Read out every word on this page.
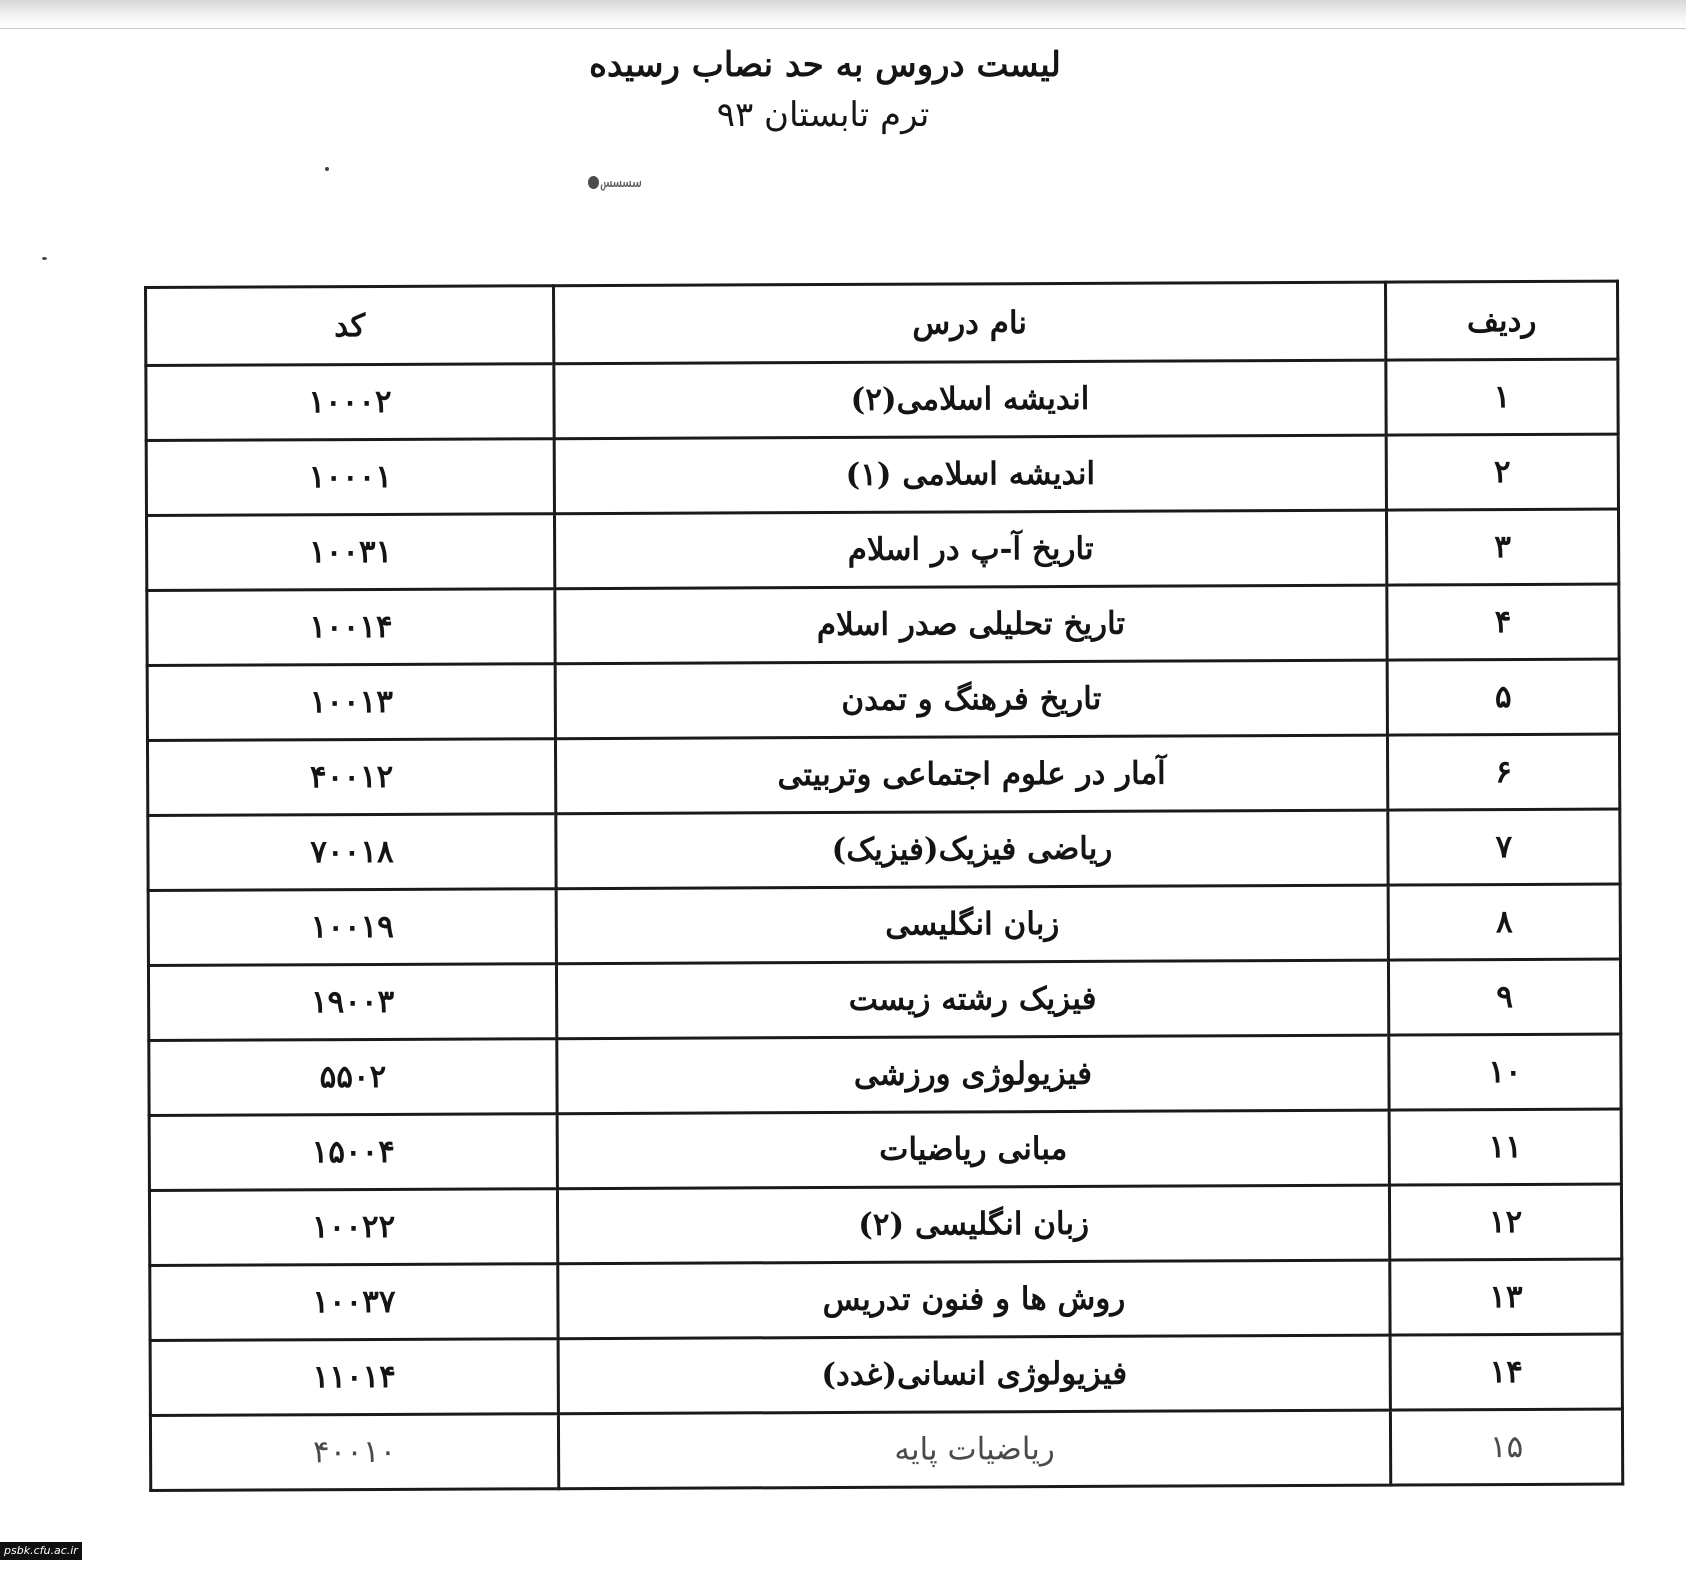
لیست دروس به حد نصاب رسیده
ترم تابستان ۹۳
ﺳﺴﺴﺲ
ردیف	نام درس	کد
۱	اندیشه اسلامی(۲)	۱۰۰۰۲
۲	اندیشه اسلامی (۱)	۱۰۰۰۱
۳	تاریخ آ-پ در اسلام	۱۰۰۳۱
۴	تاریخ تحلیلی صدر اسلام	۱۰۰۱۴
۵	تاریخ فرهنگ و تمدن	۱۰۰۱۳
۶	آمار در علوم اجتماعی وتربیتی	۴۰۰۱۲
۷	ریاضی فیزیک(فیزیک)	۷۰۰۱۸
۸	زبان انگلیسی	۱۰۰۱۹
۹	فیزیک رشته زیست	۱۹۰۰۳
۱۰	فیزیولوژی ورزشی	۵۵۰۲
۱۱	مبانی ریاضیات	۱۵۰۰۴
۱۲	زبان انگلیسی (۲)	۱۰۰۲۲
۱۳	روش ها و فنون تدریس	۱۰۰۳۷
۱۴	فیزیولوژی انسانی(غدد)	۱۱۰۱۴
۱۵	ریاضیات پایه	۴۰۰۱۰
psbk.cfu.ac.ir
